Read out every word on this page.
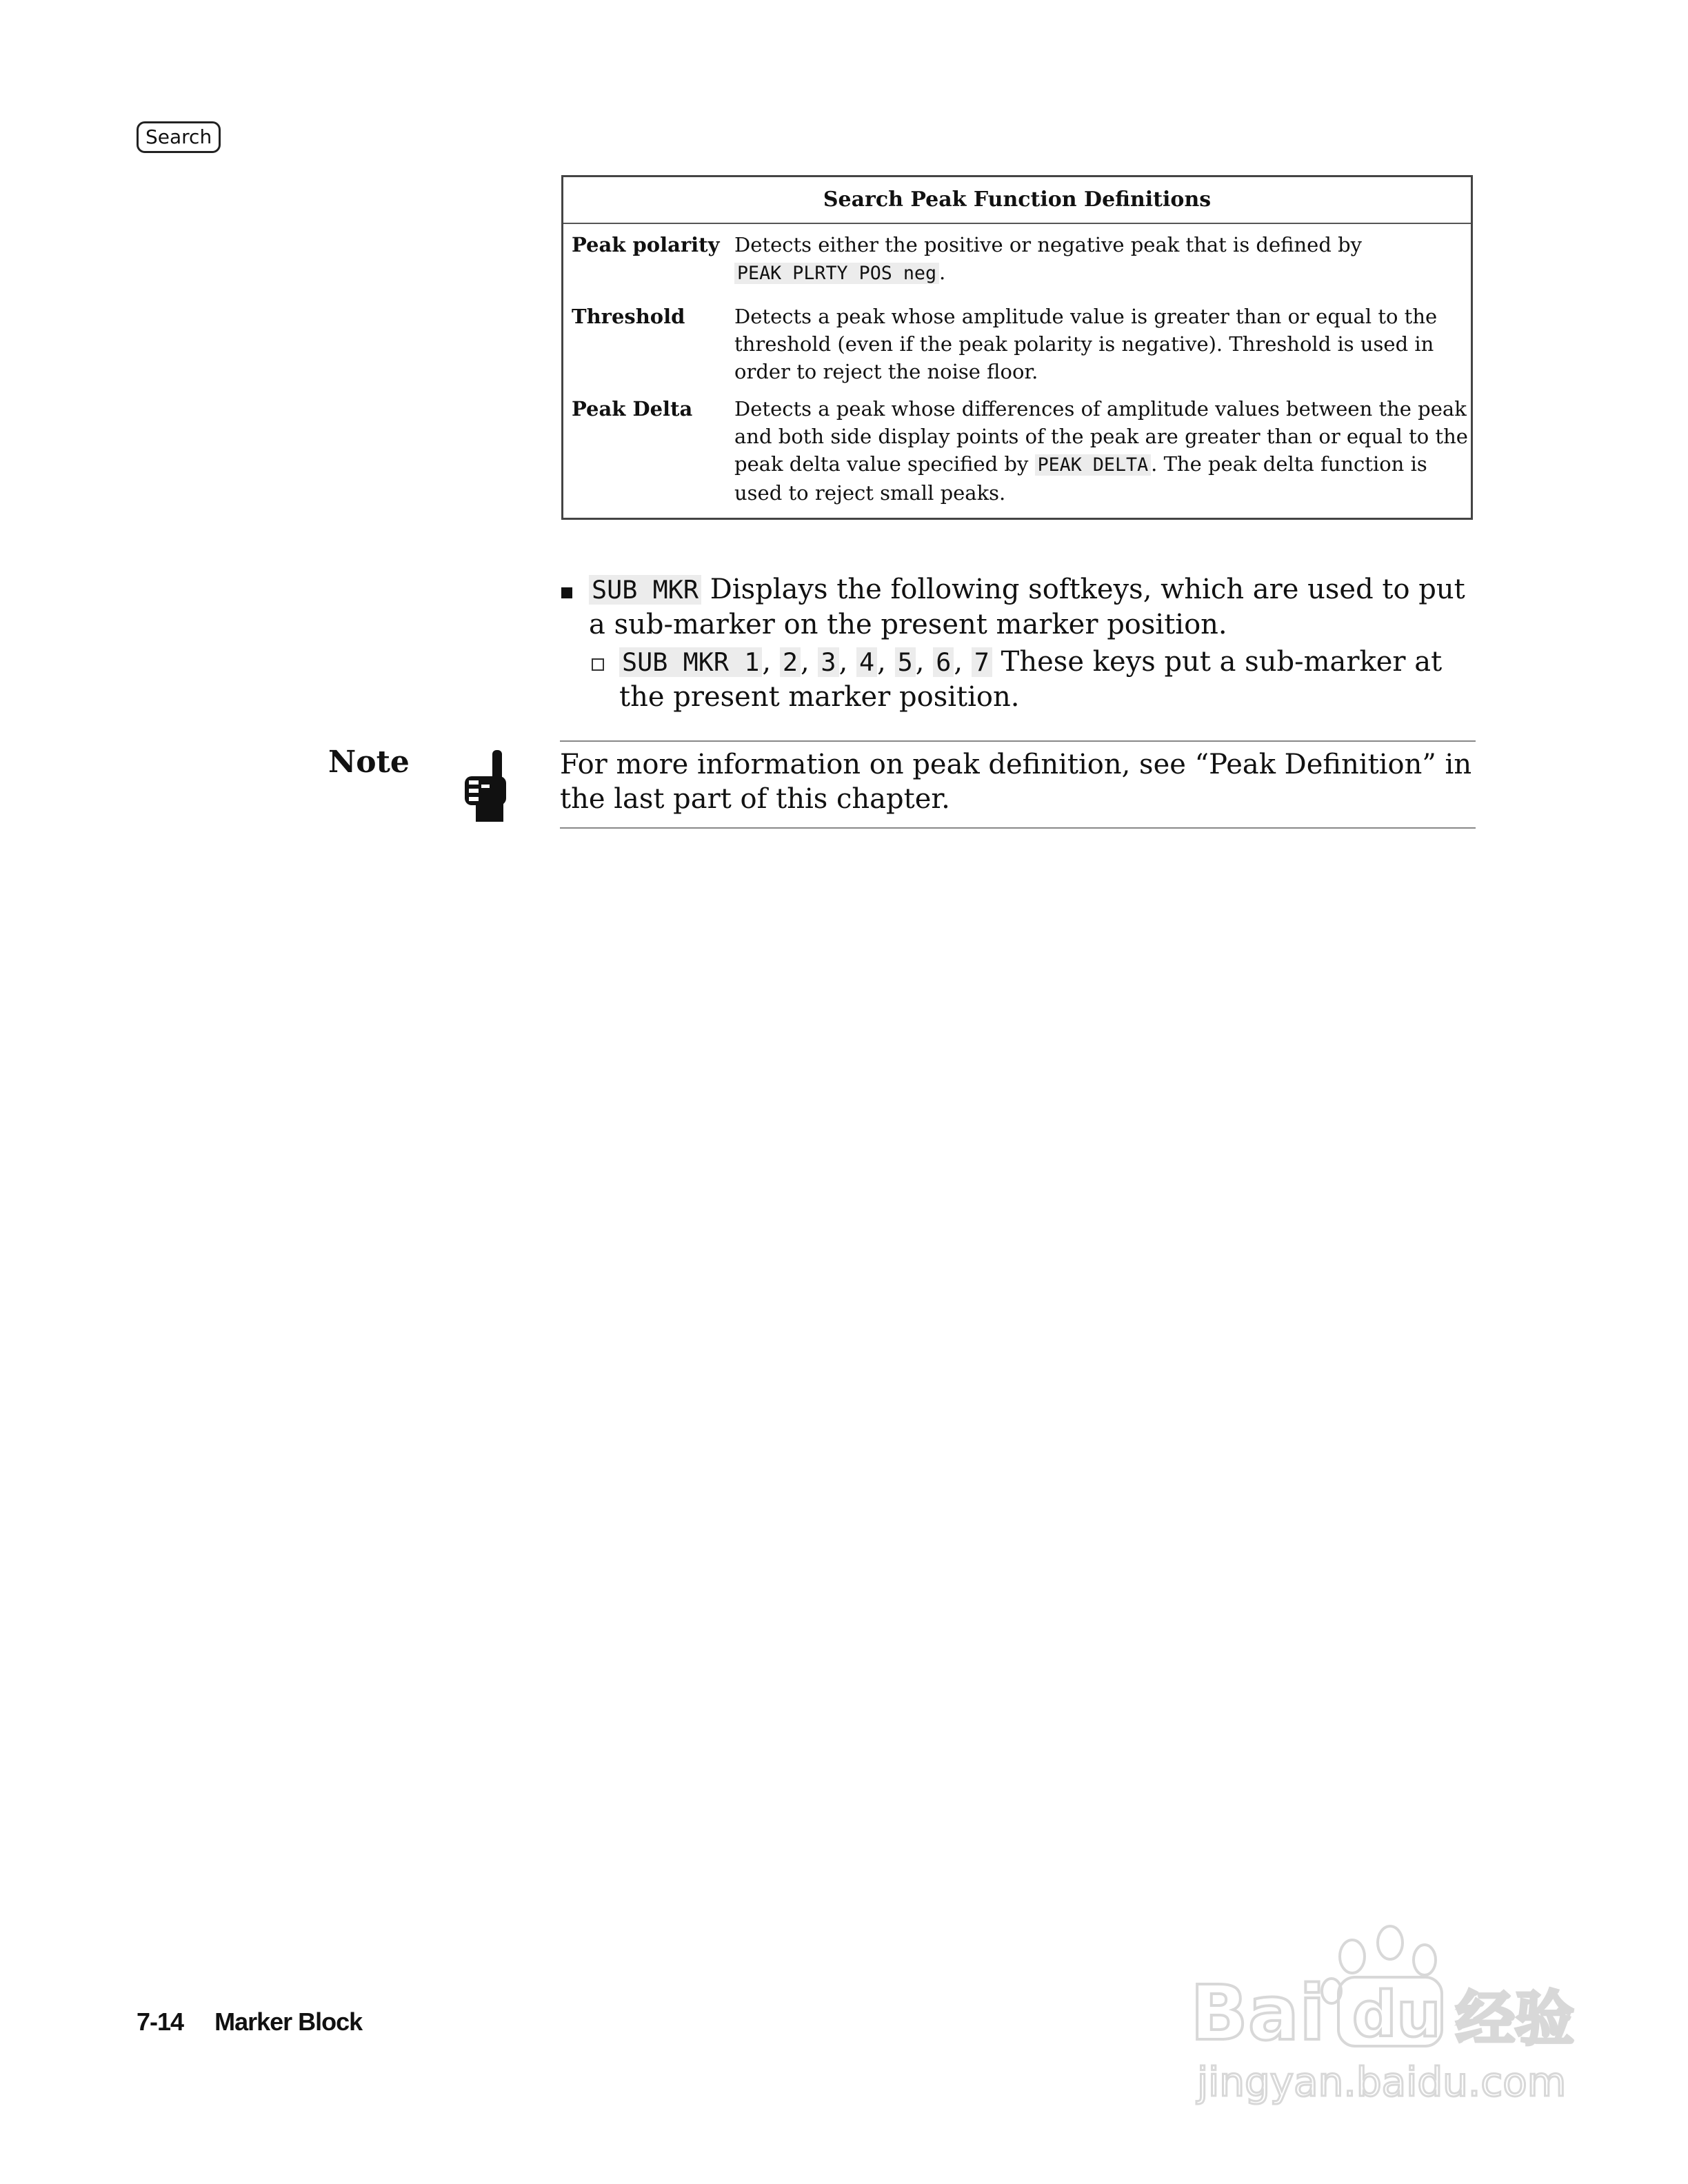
Search
Search Peak Function Definitions
Peak polarity Detects either the positive or negative peak that is defined by
PEAK PLRTY POS neg .
Threshold Detects a peak whose amplitude value is greater than or equal to the threshold (even if the peak polarity is negative). Threshold is used in order to reject the noise floor.
Peak Delta Detects a peak whose differences of amplitude values between the peak and both side display points of the peak are greater than or equal to the peak delta value specified by PEAK DELTA . The peak delta function is used to reject small peaks.
SUB MKR Displays the following softkeys, which are used to put a sub-marker on the present marker position.
SUB MKR 1 , 2 , 3 , 4 , 5 , 6 , 7 These keys put a sub-marker at the present marker position.
Note	For more information on peak definition, see “Peak Definition” in the last part of this chapter.
7-14 Marker Block	Bai du 经验
jingyan.baidu.com
